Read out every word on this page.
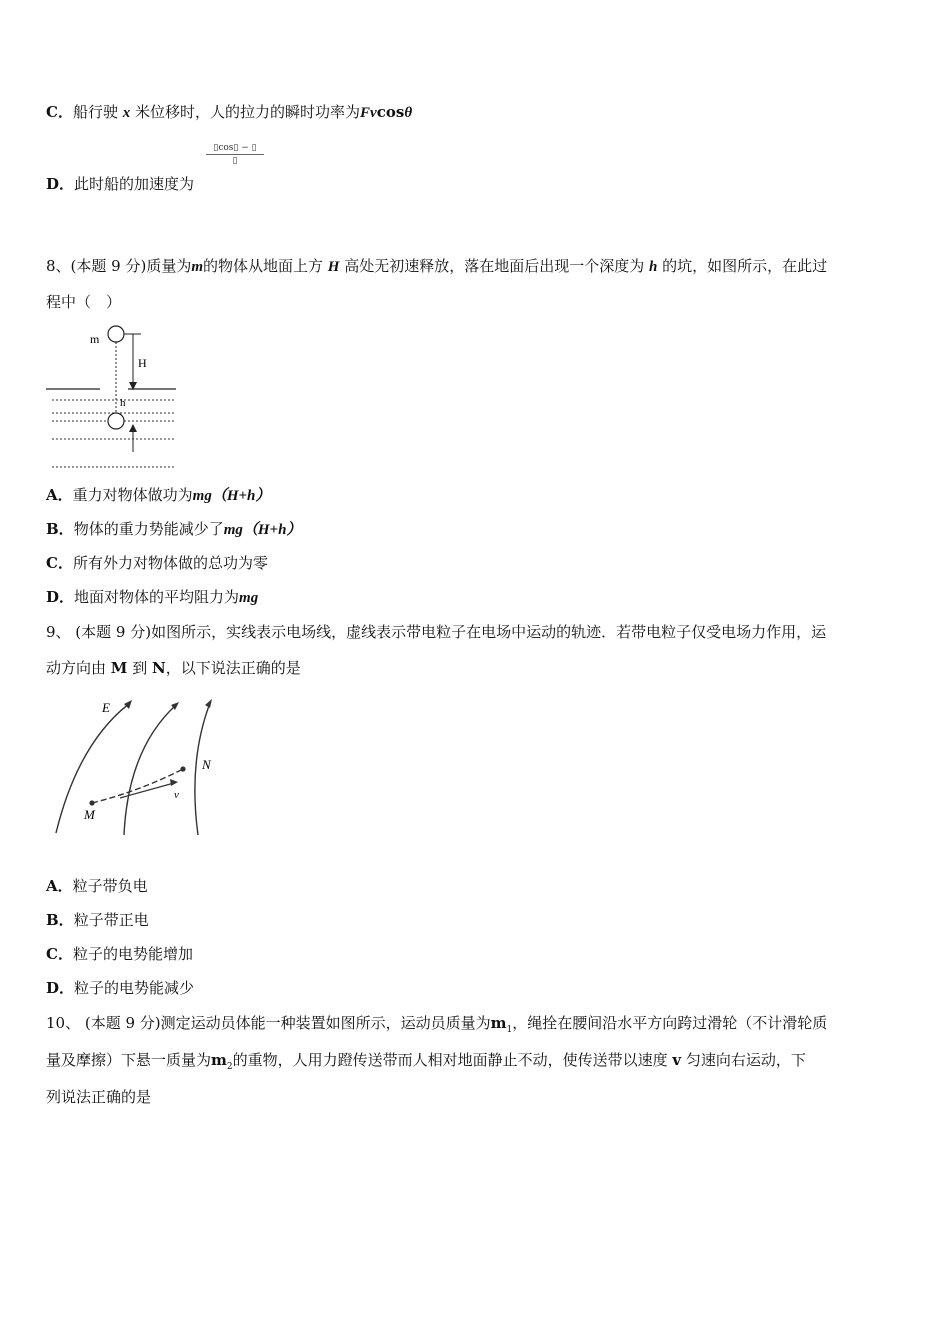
C．船行驶 x 米位移时，人的拉力的瞬时功率为Fvcosθ
▯cos▯ − ▯
▯
D．此时船的加速度为
8、(本题 9 分)质量为m的物体从地面上方 H 高处无初速释放，落在地面后出现一个深度为 h 的坑，如图所示，在此过
程中（　）
m
H
h
A．重力对物体做功为mg（H+h）
B．物体的重力势能减少了mg（H+h）
C．所有外力对物体做的总功为零
D．地面对物体的平均阻力为mg
9、 (本题 9 分)如图所示，实线表示电场线，虚线表示带电粒子在电场中运动的轨迹．若带电粒子仅受电场力作用，运
动方向由 M 到 N，以下说法正确的是
E
N
v
M
A．粒子带负电
B．粒子带正电
C．粒子的电势能增加
D．粒子的电势能减少
10、 (本题 9 分)测定运动员体能一种装置如图所示，运动员质量为$m_1$，绳拴在腰间沿水平方向跨过滑轮（不计滑轮质
量及摩擦）下悬一质量为$m_2$的重物，人用力蹬传送带而人相对地面静止不动，使传送带以速度 v 匀速向右运动，下
列说法正确的是
